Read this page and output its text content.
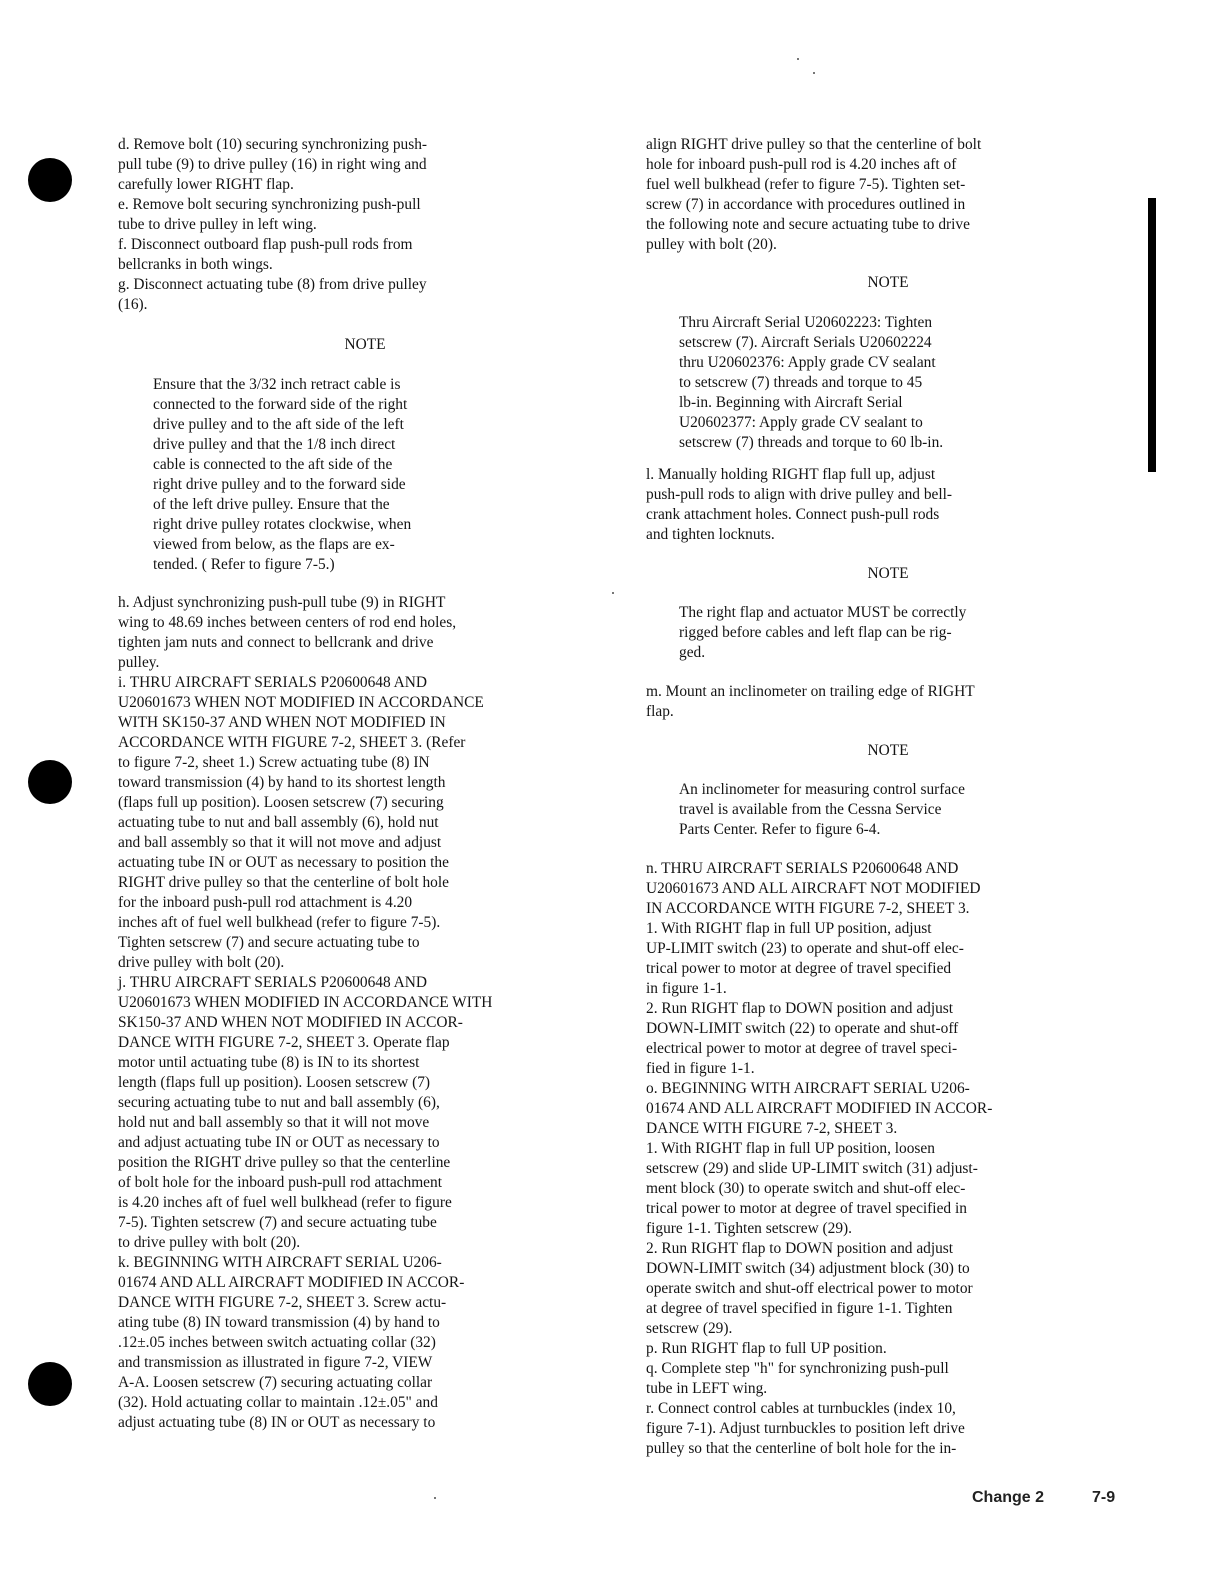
d. Remove bolt (10) securing synchronizing push-
pull tube (9) to drive pulley (16) in right wing and
carefully lower RIGHT flap.

e. Remove bolt securing synchronizing push-pull
tube to drive pulley in left wing.

f. Disconnect outboard flap push-pull rods from
bellcranks in both wings.

g. Disconnect actuating tube (8) from drive pulley
(16).

NOTE

Ensure that the 3/32 inch retract cable is
connected to the forward side of the right
drive pulley and to the aft side of the left
drive pulley and that the 1/8 inch direct
cable is connected to the aft side of the
right drive pulley and to the forward side
of the left drive pulley. Ensure that the
right drive pulley rotates clockwise, when
viewed from below, as the flaps are ex-
tended. ( Refer to figure 7-5.)

h. Adjust synchronizing push-pull tube (9) in RIGHT
wing to 48.69 inches between centers of rod end holes,
tighten jam nuts and connect to bellcrank and drive
pulley.

i. THRU AIRCRAFT SERIALS P20600648 AND
U20601673 WHEN NOT MODIFIED IN ACCORDANCE
WITH SK150-37 AND WHEN NOT MODIFIED IN
ACCORDANCE WITH FIGURE 7-2, SHEET 3. (Refer
to figure 7-2, sheet 1.) Screw actuating tube (8) IN
toward transmission (4) by hand to its shortest length
(flaps full up position). Loosen setscrew (7) securing
actuating tube to nut and ball assembly (6), hold nut
and ball assembly so that it will not move and adjust
actuating tube IN or OUT as necessary to position the
RIGHT drive pulley so that the centerline of bolt hole
for the inboard push-pull rod attachment is 4.20
inches aft of fuel well bulkhead (refer to figure 7-5).
Tighten setscrew (7) and secure actuating tube to
drive pulley with bolt (20).

j. THRU AIRCRAFT SERIALS P20600648 AND
U20601673 WHEN MODIFIED IN ACCORDANCE WITH
SK150-37 AND WHEN NOT MODIFIED IN ACCOR-
DANCE WITH FIGURE 7-2, SHEET 3. Operate flap
motor until actuating tube (8) is IN to its shortest
length (flaps full up position). Loosen setscrew (7)
securing actuating tube to nut and ball assembly (6),
hold nut and ball assembly so that it will not move
and adjust actuating tube IN or OUT as necessary to
position the RIGHT drive pulley so that the centerline
of bolt hole for the inboard push-pull rod attachment
is 4.20 inches aft of fuel well bulkhead (refer to figure
7-5). Tighten setscrew (7) and secure actuating tube
to drive pulley with bolt (20).

k. BEGINNING WITH AIRCRAFT SERIAL U206-
01674 AND ALL AIRCRAFT MODIFIED IN ACCOR-
DANCE WITH FIGURE 7-2, SHEET 3. Screw actu-
ating tube (8) IN toward transmission (4) by hand to
.12±.05 inches between switch actuating collar (32)
and transmission as illustrated in figure 7-2, VIEW
A-A. Loosen setscrew (7) securing actuating collar
(32). Hold actuating collar to maintain .12±.05" and
adjust actuating tube (8) IN or OUT as necessary to

align RIGHT drive pulley so that the centerline of bolt
hole for inboard push-pull rod is 4.20 inches aft of
fuel well bulkhead (refer to figure 7-5). Tighten set-
screw (7) in accordance with procedures outlined in
the following note and secure actuating tube to drive
pulley with bolt (20).

NOTE

Thru Aircraft Serial U20602223: Tighten
setscrew (7). Aircraft Serials U20602224
thru U20602376: Apply grade CV sealant
to setscrew (7) threads and torque to 45
lb-in. Beginning with Aircraft Serial
U20602377: Apply grade CV sealant to
setscrew (7) threads and torque to 60 lb-in.

l. Manually holding RIGHT flap full up, adjust
push-pull rods to align with drive pulley and bell-
crank attachment holes. Connect push-pull rods
and tighten locknuts.

NOTE

The right flap and actuator MUST be correctly
rigged before cables and left flap can be rig-
ged.

m. Mount an inclinometer on trailing edge of RIGHT
flap.

NOTE

An inclinometer for measuring control surface
travel is available from the Cessna Service
Parts Center. Refer to figure 6-4.

n. THRU AIRCRAFT SERIALS P20600648 AND
U20601673 AND ALL AIRCRAFT NOT MODIFIED
IN ACCORDANCE WITH FIGURE 7-2, SHEET 3.
1. With RIGHT flap in full UP position, adjust
UP-LIMIT switch (23) to operate and shut-off elec-
trical power to motor at degree of travel specified
in figure 1-1.
2. Run RIGHT flap to DOWN position and adjust
DOWN-LIMIT switch (22) to operate and shut-off
electrical power to motor at degree of travel speci-
fied in figure 1-1.

o. BEGINNING WITH AIRCRAFT SERIAL U206-
01674 AND ALL AIRCRAFT MODIFIED IN ACCOR-
DANCE WITH FIGURE 7-2, SHEET 3.
1. With RIGHT flap in full UP position, loosen
setscrew (29) and slide UP-LIMIT switch (31) adjust-
ment block (30) to operate switch and shut-off elec-
trical power to motor at degree of travel specified in
figure 1-1. Tighten setscrew (29).
2. Run RIGHT flap to DOWN position and adjust
DOWN-LIMIT switch (34) adjustment block (30) to
operate switch and shut-off electrical power to motor
at degree of travel specified in figure 1-1. Tighten
setscrew (29).

p. Run RIGHT flap to full UP position.

q. Complete step "h" for synchronizing push-pull
tube in LEFT wing.

r. Connect control cables at turnbuckles (index 10,
figure 7-1). Adjust turnbuckles to position left drive
pulley so that the centerline of bolt hole for the in-

Change 2	7-9
